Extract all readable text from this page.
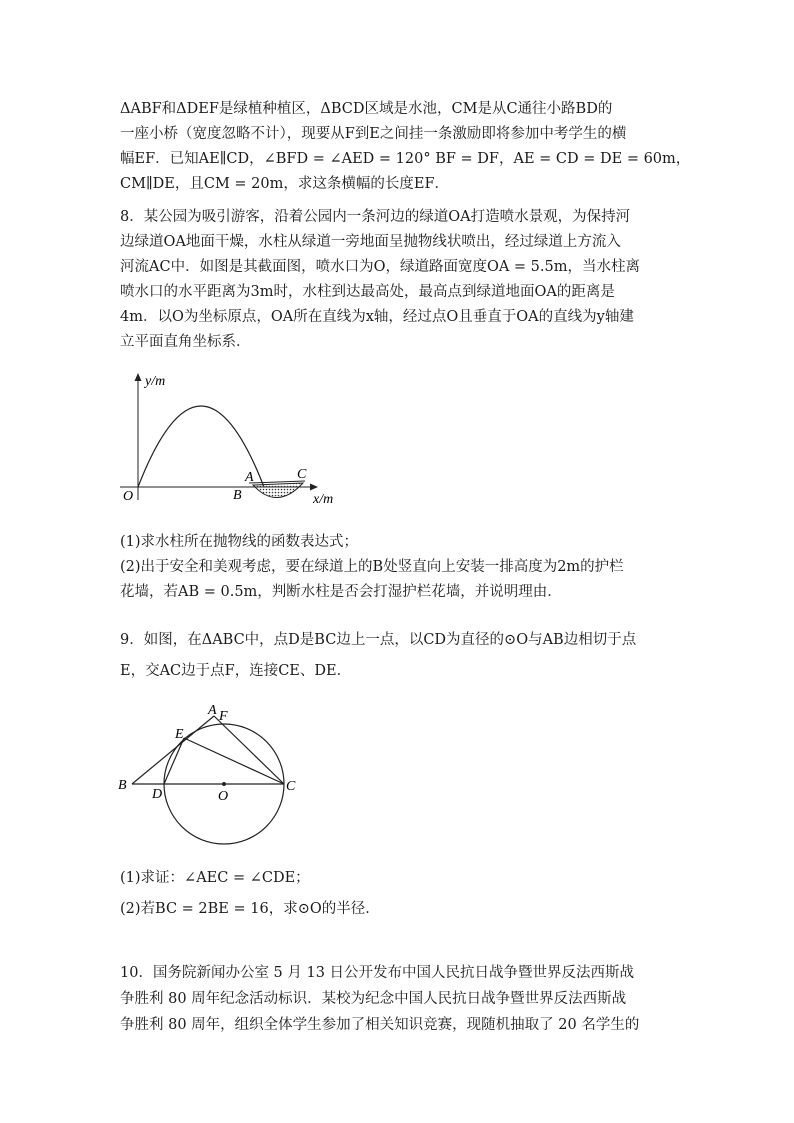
ΔABF和ΔDEF是绿植种植区，ΔBCD区域是水池，CM是从C通往小路BD的

一座小桥（宽度忽略不计），现要从F到E之间挂一条激励即将参加中考学生的横

幅EF．已知AE∥CD，∠BFD = ∠AED = 120° BF = DF，AE = CD = DE = 60m，

CM∥DE，且CM = 20m，求这条横幅的长度EF．

8．某公园为吸引游客，沿着公园内一条河边的绿道OA打造喷水景观，为保持河

边绿道OA地面干燥，水柱从绿道一旁地面呈抛物线状喷出，经过绿道上方流入

河流AC中．如图是其截面图，喷水口为O，绿道路面宽度OA = 5.5m，当水柱离

喷水口的水平距离为3m时，水柱到达最高处，最高点到绿道地面OA的距离是

4m．以O为坐标原点，OA所在直线为x轴，经过点O且垂直于OA的直线为y轴建

立平面直角坐标系．

y/m
x/m
O	B
A	C

(1)求水柱所在抛物线的函数表达式；

(2)出于安全和美观考虑，要在绿道上的B处竖直向上安装一排高度为2m的护栏

花墙，若AB = 0.5m，判断水柱是否会打湿护栏花墙，并说明理由．

9．如图，在ΔABC中，点D是BC边上一点，以CD为直径的⊙O与AB边相切于点

E，交AC边于点F，连接CE、DE．

A F
E
B
D	O
C

(1)求证：∠AEC = ∠CDE；

(2)若BC = 2BE = 16，求⊙O的半径．

10．国务院新闻办公室 5 月 13 日公开发布中国人民抗日战争暨世界反法西斯战

争胜利 80 周年纪念活动标识．某校为纪念中国人民抗日战争暨世界反法西斯战

争胜利 80 周年，组织全体学生参加了相关知识竞赛，现随机抽取了 20 名学生的
